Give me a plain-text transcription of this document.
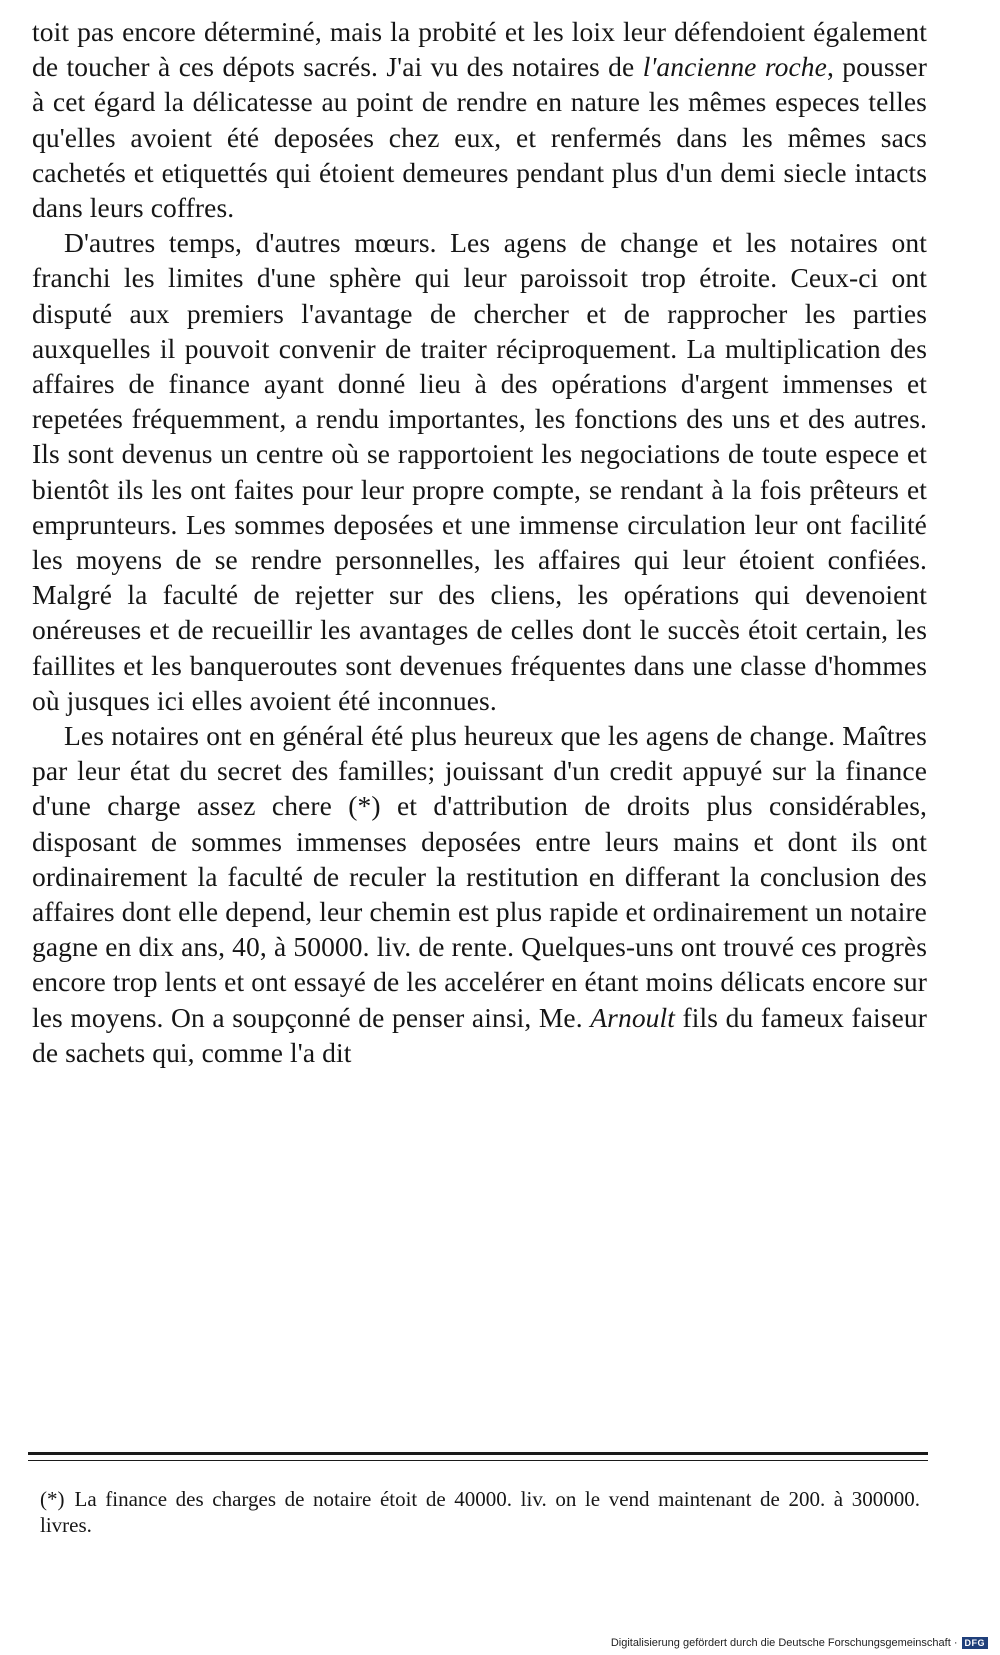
toit pas encore déterminé, mais la probité et les loix leur défendoient également de toucher à ces dépots sacrés. J'ai vu des notaires de l'ancienne roche, pousser à cet égard la délicatesse au point de rendre en nature les mêmes especes telles qu'elles avoient été deposées chez eux, et renfermés dans les mêmes sacs cachetés et etiquettés qui étoient demeures pendant plus d'un demi siecle intacts dans leurs coffres.

D'autres temps, d'autres mœurs. Les agens de change et les notaires ont franchi les limites d'une sphère qui leur paroissoit trop étroite. Ceux-ci ont disputé aux premiers l'avantage de chercher et de rapprocher les parties auxquelles il pouvoit convenir de traiter réciproquement. La multiplication des affaires de finance ayant donné lieu à des opérations d'argent immenses et repetées fréquemment, a rendu importantes, les fonctions des uns et des autres. Ils sont devenus un centre où se rapportoient les negociations de toute espece et bientôt ils les ont faites pour leur propre compte, se rendant à la fois prêteurs et emprunteurs. Les sommes deposées et une immense circulation leur ont facilité les moyens de se rendre personnelles, les affaires qui leur étoient confiées. Malgré la faculté de rejetter sur des cliens, les opérations qui devenoient onéreuses et de recueillir les avantages de celles dont le succès étoit certain, les faillites et les banqueroutes sont devenues fréquentes dans une classe d'hommes où jusques ici elles avoient été inconnues.

Les notaires ont en général été plus heureux que les agens de change. Maîtres par leur état du secret des familles; jouissant d'un credit appuyé sur la finance d'une charge assez chere (*) et d'attribution de droits plus considérables, disposant de sommes immenses deposées entre leurs mains et dont ils ont ordinairement la faculté de reculer la restitution en differant la conclusion des affaires dont elle depend, leur chemin est plus rapide et ordinairement un notaire gagne en dix ans, 40, à 50000. liv. de rente. Quelques-uns ont trouvé ces progrès encore trop lents et ont essayé de les accelérer en étant moins délicats encore sur les moyens. On a soupçonné de penser ainsi, Me. Arnoult fils du fameux faiseur de sachets qui, comme l'a dit

(*) La finance des charges de notaire étoit de 40000. liv. on le vend maintenant de 200. à 300000. livres.
Digitalisierung gefördert durch die Deutsche Forschungsgemeinschaft · DFG
